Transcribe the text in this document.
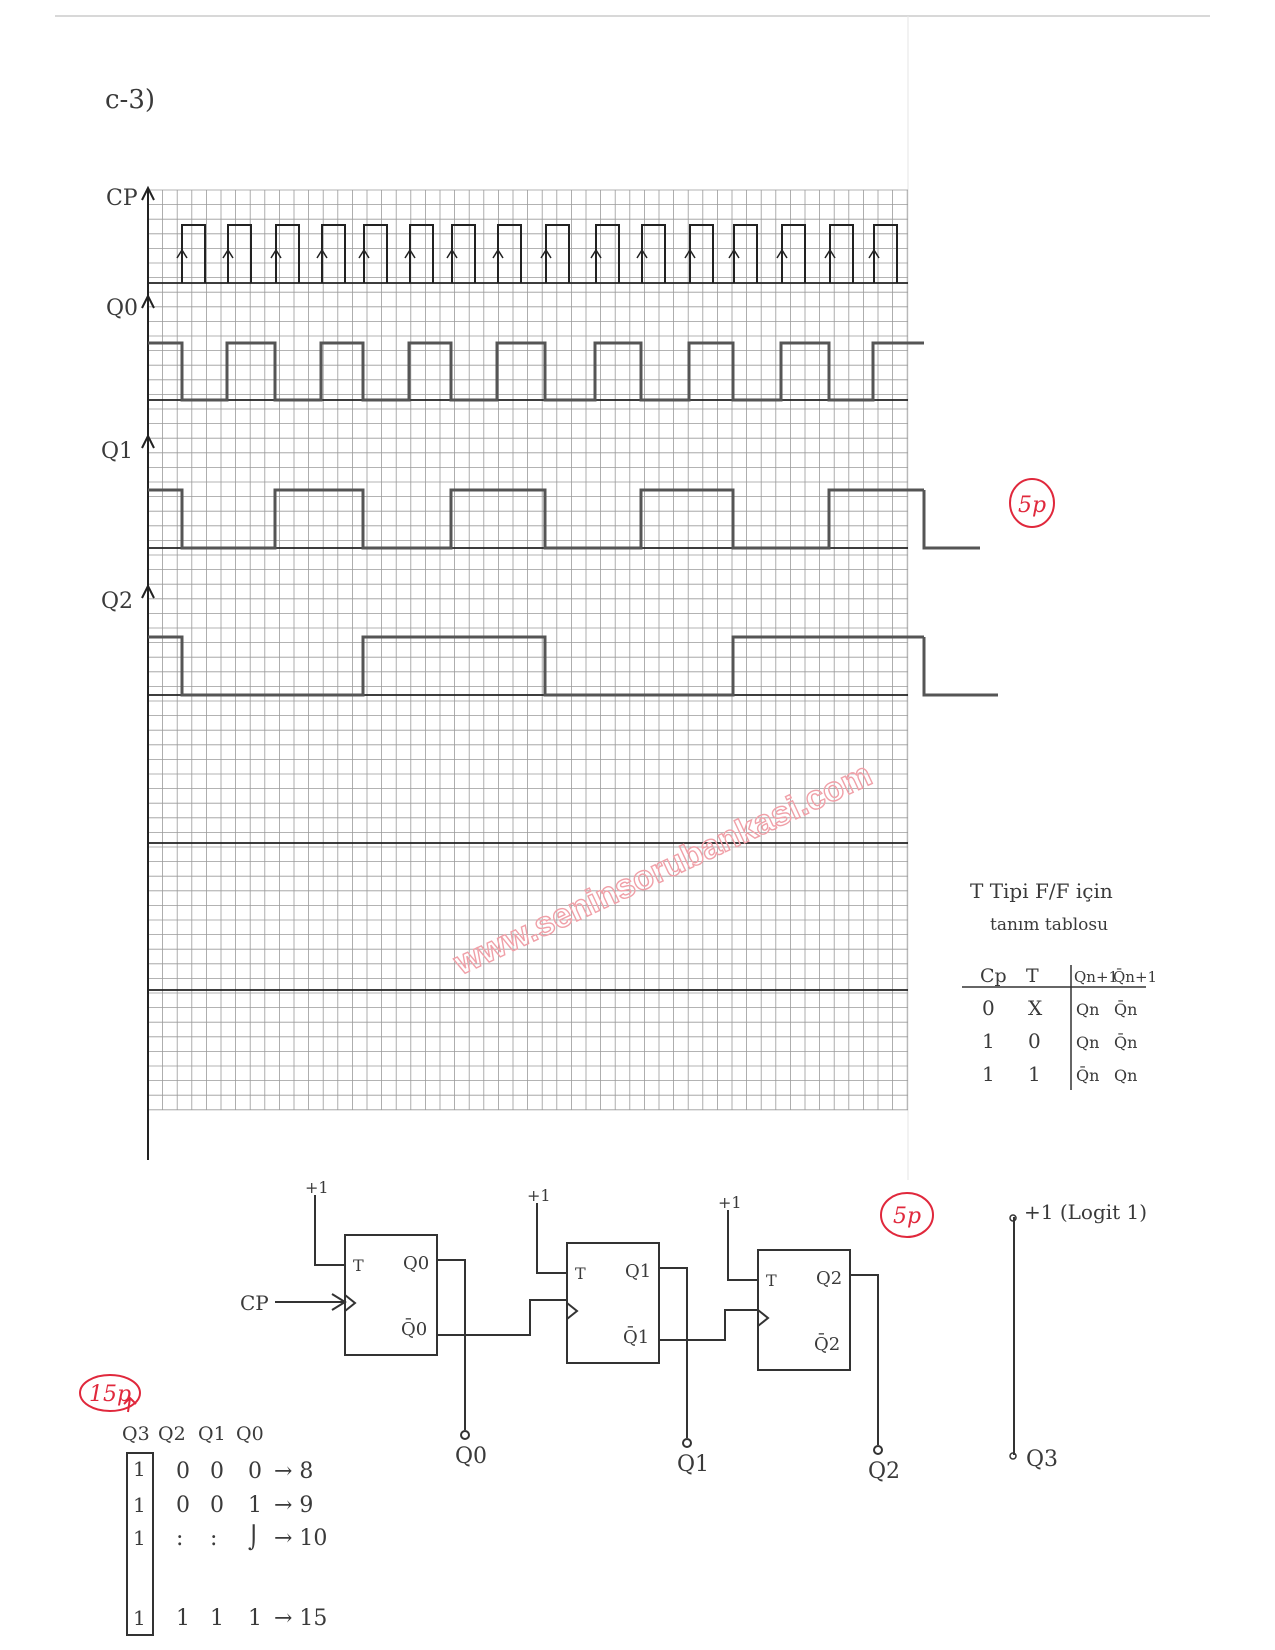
c-3)
CP
Q0
Q1
Q2
www.seninsorubankasi.com
5p
5p
15p
T Tipi F/F için
tanım tablosu
Cp T Qn+1
Q̄n+1
0 X Qn Q̄n
1 0 Qn Q̄n
1 1 Q̄n Qn
+1
T Q0
Q̄0
Q0
+1
T Q1
Q̄1
Q1
+1
T Q2
Q̄2
Q2
CP
+1 (Logit 1)
Q3
Q3 Q2 Q1 Q0
1 0 0 0 → 8
0 0 1 → 9
1
: : ⌡ → 10
1
1 1 1 → 15
1
